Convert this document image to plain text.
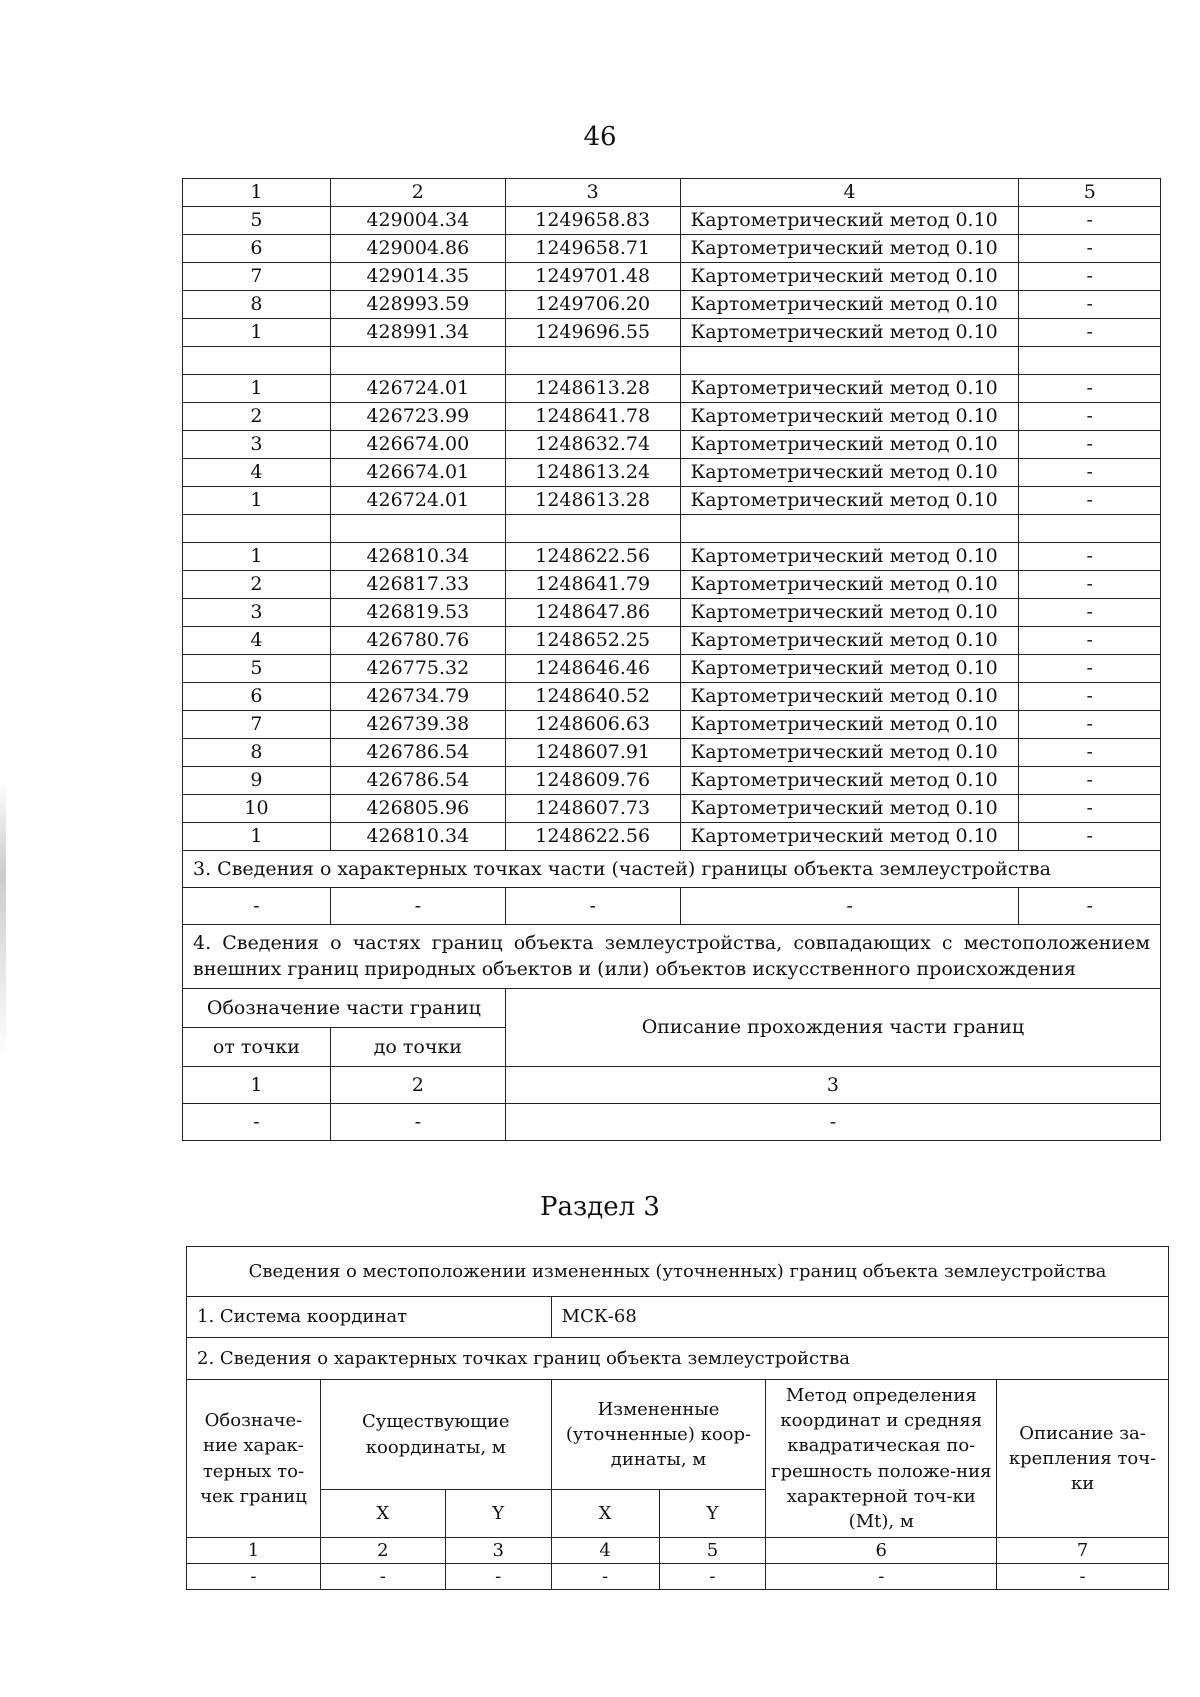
46
1	2	3	4	5
5	429004.34	1249658.83	Картометрический метод 0.10	-
6	429004.86	1249658.71	Картометрический метод 0.10	-
7	429014.35	1249701.48	Картометрический метод 0.10	-
8	428993.59	1249706.20	Картометрический метод 0.10	-
1	428991.34	1249696.55	Картометрический метод 0.10	-

1	426724.01	1248613.28	Картометрический метод 0.10	-
2	426723.99	1248641.78	Картометрический метод 0.10	-
3	426674.00	1248632.74	Картометрический метод 0.10	-
4	426674.01	1248613.24	Картометрический метод 0.10	-
1	426724.01	1248613.28	Картометрический метод 0.10	-

1	426810.34	1248622.56	Картометрический метод 0.10	-
2	426817.33	1248641.79	Картометрический метод 0.10	-
3	426819.53	1248647.86	Картометрический метод 0.10	-
4	426780.76	1248652.25	Картометрический метод 0.10	-
5	426775.32	1248646.46	Картометрический метод 0.10	-
6	426734.79	1248640.52	Картометрический метод 0.10	-
7	426739.38	1248606.63	Картометрический метод 0.10	-
8	426786.54	1248607.91	Картометрический метод 0.10	-
9	426786.54	1248609.76	Картометрический метод 0.10	-
10	426805.96	1248607.73	Картометрический метод 0.10	-
1	426810.34	1248622.56	Картометрический метод 0.10	-
3. Сведения о характерных точках части (частей) границы объекта землеустройства				
-	-	-	-	-
4. Сведения о частях границ объекта землеустройства, совпадающих с местоположением внешних границ природных объектов и (или) объектов искусственного происхождения				
Обозначение части границ		Описание прохождения части границ		
от точки	до точки			
1	2	3		
-	-	-		
Раздел 3
Сведения о местоположении измененных (уточненных) границ объекта землеустройства						
1. Система координат			МСК-68			
2. Сведения о характерных точках границ объекта землеустройства						
Обозначе-ние харак-терных то-чек границ	Существующие координаты, м		Измененные (уточненные) коор-динаты, м		Метод определения координат и средняя квадратическая по-грешность положе-ния характерной точ-ки (Mt), м	Описание за-крепления точ-ки
	X	Y	X	Y		
1	2	3	4	5	6	7
-	-	-	-	-	-	-
